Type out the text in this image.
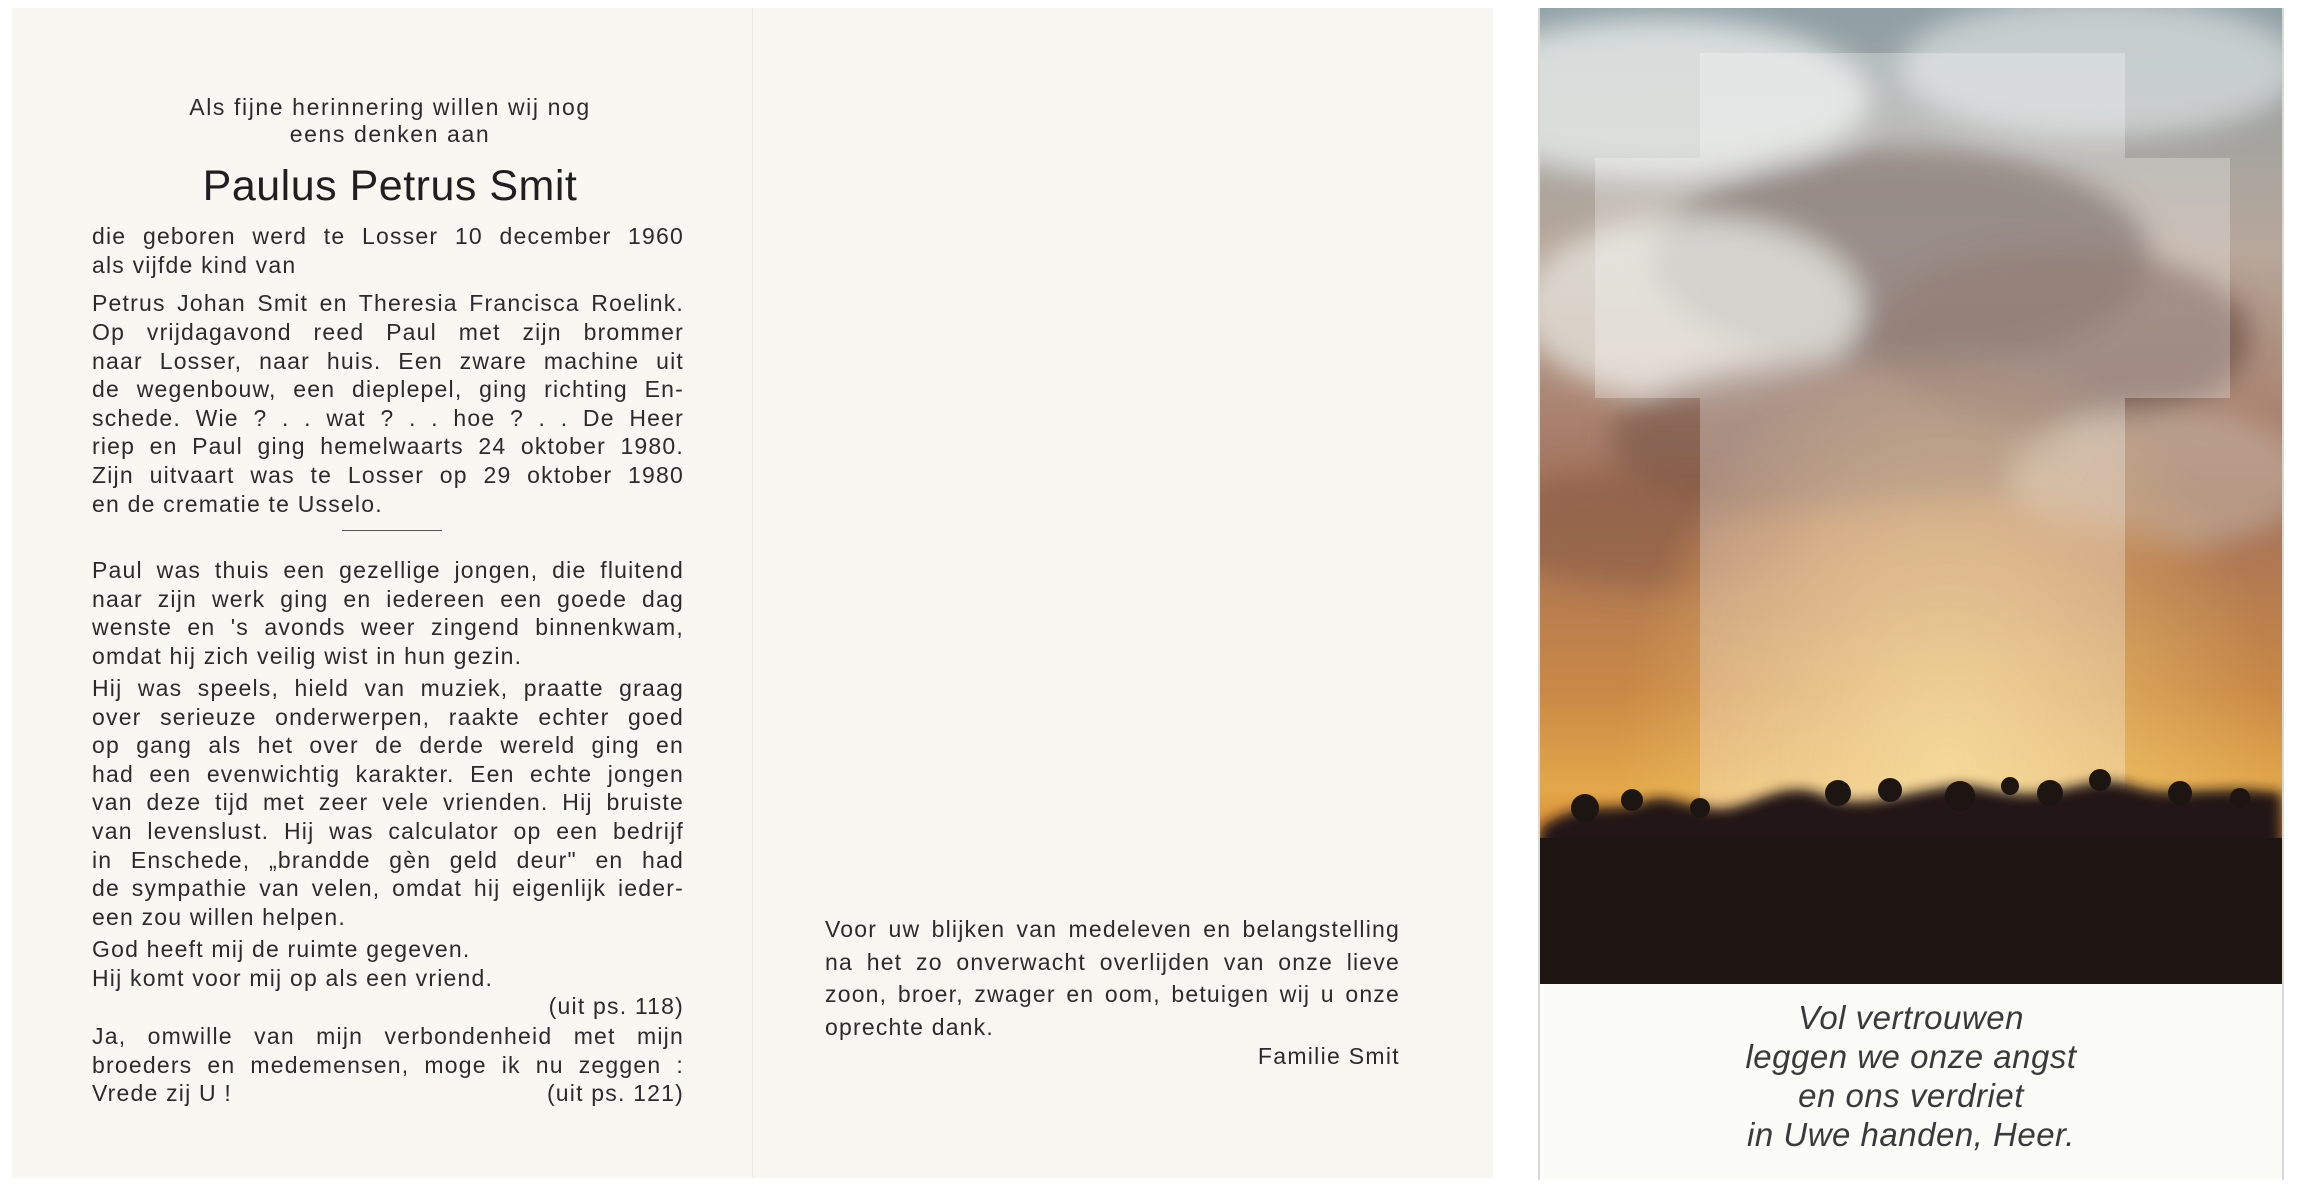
Als fijne herinnering willen wij nog
eens denken aan
Paulus Petrus Smit
die geboren werd te Losser 10 december 1960
als vijfde kind van
Petrus Johan Smit en Theresia Francisca Roelink.
Op vrijdagavond reed Paul met zijn brommer
naar Losser, naar huis. Een zware machine uit
de wegenbouw, een dieplepel, ging richting En-
schede. Wie ? . . wat ? . . hoe ? . . De Heer
riep en Paul ging hemelwaarts 24 oktober 1980.
Zijn uitvaart was te Losser op 29 oktober 1980
en de crematie te Usselo.
Paul was thuis een gezellige jongen, die fluitend
naar zijn werk ging en iedereen een goede dag
wenste en 's avonds weer zingend binnenkwam,
omdat hij zich veilig wist in hun gezin.
Hij was speels, hield van muziek, praatte graag
over serieuze onderwerpen, raakte echter goed
op gang als het over de derde wereld ging en
had een evenwichtig karakter. Een echte jongen
van deze tijd met zeer vele vrienden. Hij bruiste
van levenslust. Hij was calculator op een bedrijf
in Enschede, „brandde gèn geld deur" en had
de sympathie van velen, omdat hij eigenlijk ieder-
een zou willen helpen.
God heeft mij de ruimte gegeven.
Hij komt voor mij op als een vriend.
(uit ps. 118)
Ja, omwille van mijn verbondenheid met mijn
broeders en medemensen, moge ik nu zeggen :
Vrede zij U !	(uit ps. 121)
Voor uw blijken van medeleven en belangstelling
na het zo onverwacht overlijden van onze lieve
zoon, broer, zwager en oom, betuigen wij u onze
oprechte dank.
Familie Smit
Vol vertrouwen
leggen we onze angst
en ons verdriet
in Uwe handen, Heer.
